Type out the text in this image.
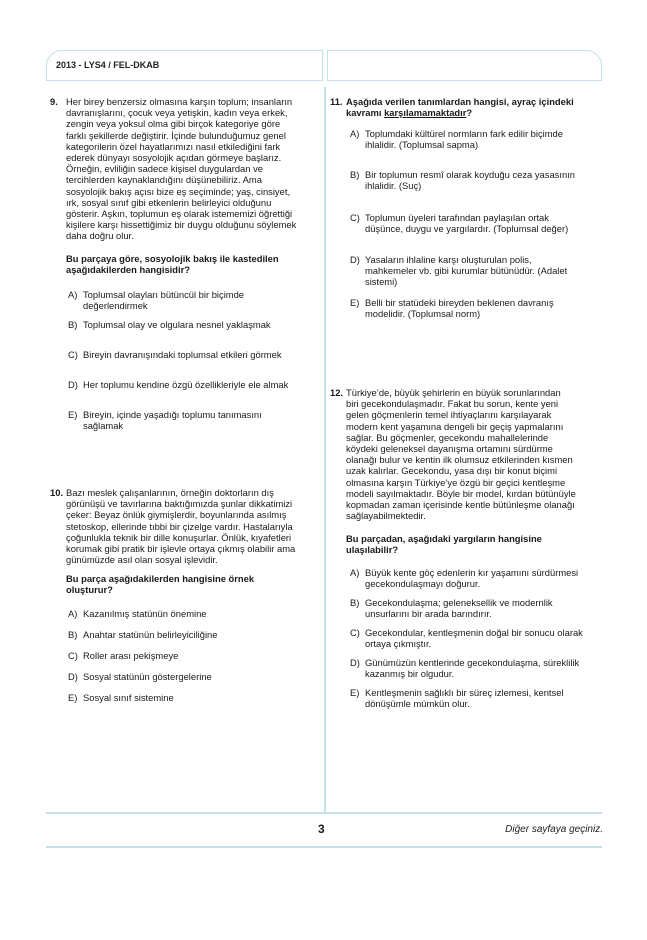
2013 - LYS4 / FEL-DKAB
9. Her birey benzersiz olmasına karşın toplum; insanların

davranışlarını, çocuk veya yetişkin, kadın veya erkek,

zengin veya yoksul olma gibi birçok kategoriye göre

farklı şekillerde değiştirir. İçinde bulunduğumuz genel

kategorilerin özel hayatlarımızı nasıl etkilediğini fark

ederek dünyayı sosyolojik açıdan görmeye başlarız.

Örneğin, evliliğin sadece kişisel duygulardan ve

tercihlerden kaynaklandığını düşünebiliriz. Ama

sosyolojik bakış açısı bize eş seçiminde; yaş, cinsiyet,

ırk, sosyal sınıf gibi etkenlerin belirleyici olduğunu

gösterir. Aşkın, toplumun eş olarak istememizi öğrettiği

kişilere karşı hissettiğimiz bir duygu olduğunu söylemek

daha doğru olur.

Bu parçaya göre, sosyolojik bakış ile kastedilen

aşağıdakilerden hangisidir?

A) Toplumsal olayları bütüncül bir biçimde

değerlendirmek

B) Toplumsal olay ve olgulara nesnel yaklaşmak

C) Bireyin davranışındaki toplumsal etkileri görmek

D) Her toplumu kendine özgü özellikleriyle ele almak

E) Bireyin, içinde yaşadığı toplumu tanımasını

sağlamak

10. Bazı meslek çalışanlarının, örneğin doktorların dış

görünüşü ve tavırlarına baktığımızda şunlar dikkatimizi

çeker: Beyaz önlük giymişlerdir, boyunlarında asılmış

stetoskop, ellerinde tıbbi bir çizelge vardır. Hastalarıyla

çoğunlukla teknik bir dille konuşurlar. Önlük, kıyafetleri

korumak gibi pratik bir işlevle ortaya çıkmış olabilir ama

günümüzde asıl olan sosyal işlevidir.

Bu parça aşağıdakilerden hangisine örnek

oluşturur?

A) Kazanılmış statünün önemine

B) Anahtar statünün belirleyiciliğine

C) Roller arası pekişmeye

D) Sosyal statünün göstergelerine

E) Sosyal sınıf sistemine

11. Aşağıda verilen tanımlardan hangisi, ayraç içindeki

kavramı karşılamamaktadır?

A) Toplumdaki kültürel normların fark edilir biçimde

ihlalidir. (Toplumsal sapma)

B) Bir toplumun resmî olarak koyduğu ceza yasasının

ihlalidir. (Suç)

C) Toplumun üyeleri tarafından paylaşılan ortak

düşünce, duygu ve yargılardır. (Toplumsal değer)

D) Yasaların ihlaline karşı oluşturulan polis,

mahkemeler vb. gibi kurumlar bütünüdür. (Adalet

sistemi)

E) Belli bir statüdeki bireyden beklenen davranış

modelidir. (Toplumsal norm)

12. Türkiye’de, büyük şehirlerin en büyük sorunlarından

biri gecekondulaşmadır. Fakat bu sorun, kente yeni

gelen göçmenlerin temel ihtiyaçlarını karşılayarak

modern kent yaşamına dengeli bir geçiş yapmalarını

sağlar. Bu göçmenler, gecekondu mahallelerinde

köydeki geleneksel dayanışma ortamını sürdürme

olanağı bulur ve kentin ilk olumsuz etkilerinden kısmen

uzak kalırlar. Gecekondu, yasa dışı bir konut biçimi

olmasına karşın Türkiye’ye özgü bir geçici kentleşme

modeli sayılmaktadır. Böyle bir model, kırdan bütünüyle

kopmadan zaman içerisinde kentle bütünleşme olanağı

sağlayabilmektedir.

Bu parçadan, aşağıdaki yargıların hangisine

ulaşılabilir?

A) Büyük kente göç edenlerin kır yaşamını sürdürmesi

gecekondulaşmayı doğurur.

B) Gecekondulaşma; geleneksellik ve modernlik

unsurlarını bir arada barındırır.

C) Gecekondular, kentleşmenin doğal bir sonucu olarak

ortaya çıkmıştır.

D) Günümüzün kentlerinde gecekondulaşma, süreklilik

kazanmış bir olgudur.

E) Kentleşmenin sağlıklı bir süreç izlemesi, kentsel

dönüşümle mümkün olur.

3	Diğer sayfaya geçiniz.
